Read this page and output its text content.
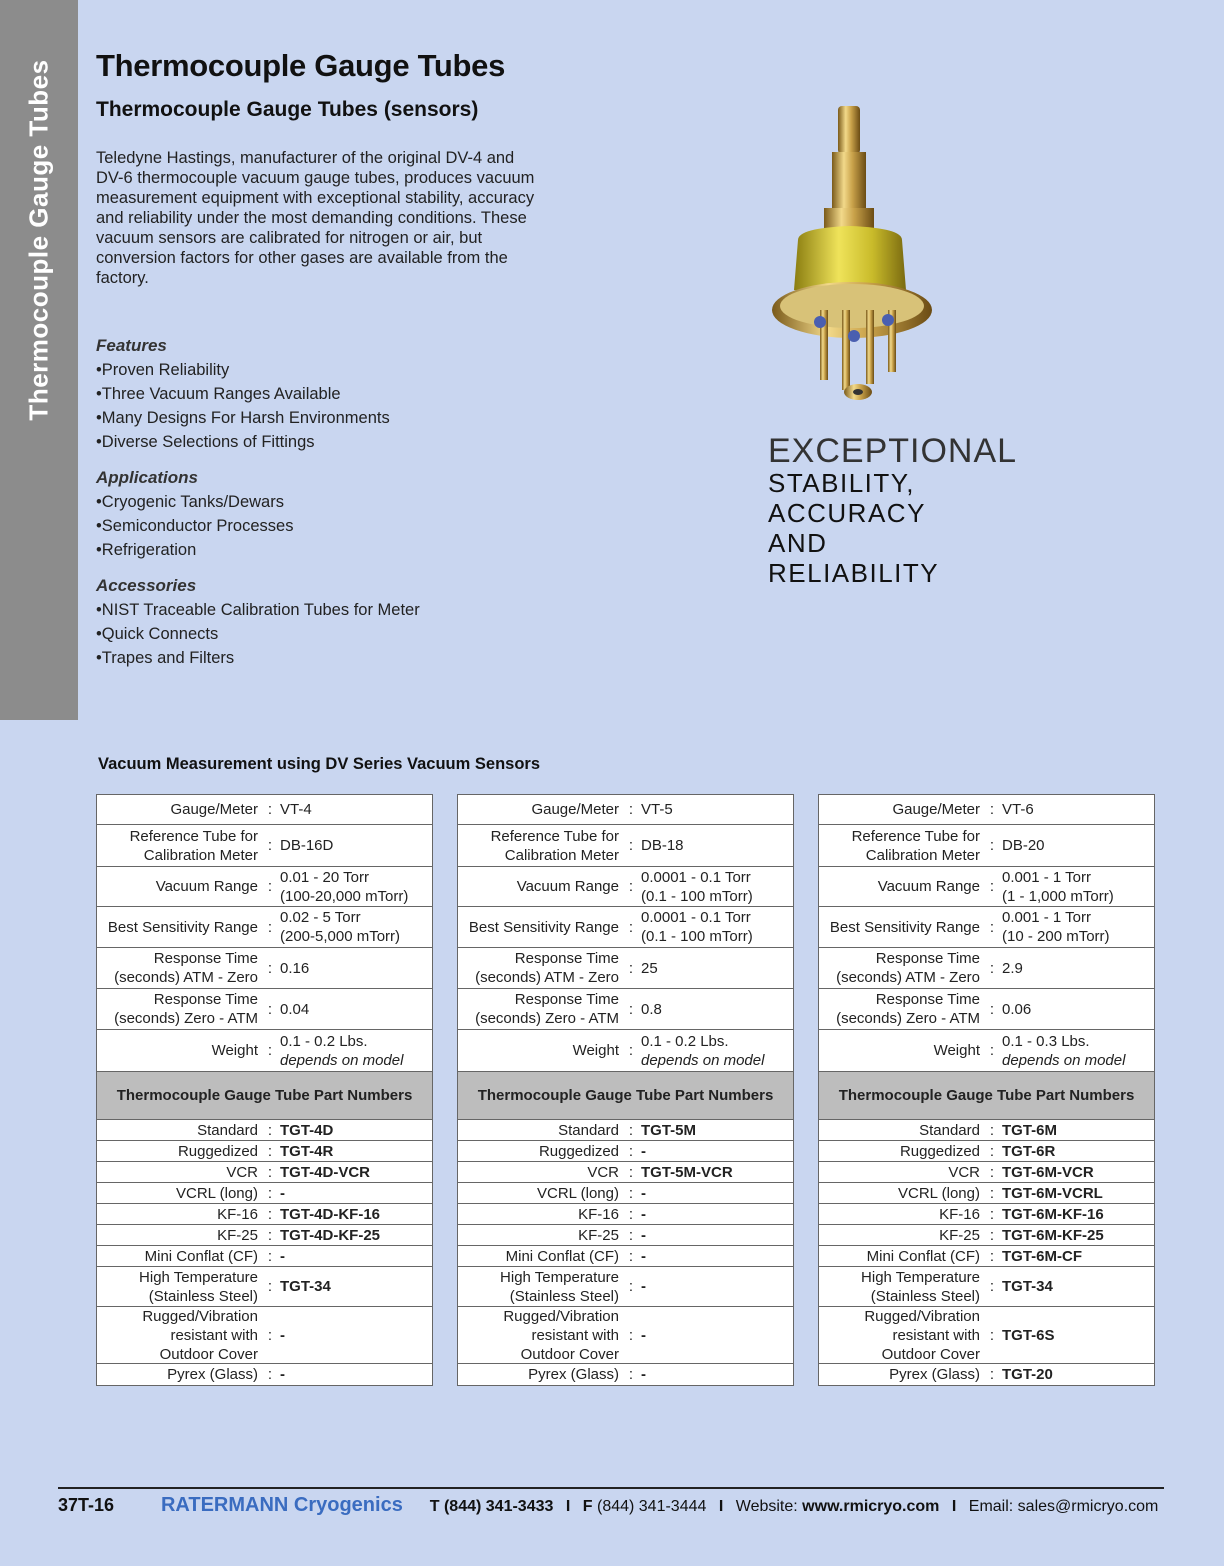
Thermocouple Gauge Tubes Thermocouple Gauge Tubes
Thermocouple Gauge Tubes (sensors)

Teledyne Hastings, manufacturer of the original DV-4 and DV-6 thermocouple vacuum gauge tubes, produces vacuum measurement equipment with exceptional stability, accuracy and reliability under the most demanding conditions. These vacuum sensors are calibrated for nitrogen or air, but conversion factors for other gases are available from the factory.

Features
• Proven Reliability
• Three Vacuum Ranges Available
• Many Designs For Harsh Environments
• Diverse Selections of Fittings
Applications
• Cryogenic Tanks/Dewars
• Semiconductor Processes
• Refrigeration
Accessories
• NIST Traceable Calibration Tubes for Meter
• Quick Connects
• Trapes and Filters
EXCEPTIONAL
STABILITY,
ACCURACY
AND
RELIABILITY
Vacuum Measurement using DV Series Vacuum Sensors
Gauge/Meter : VT-4
Reference Tube for
Calibration Meter
: DB-16D
Vacuum Range :
0.01 - 20 Torr
(100-20,000 mTorr)
Best Sensitivity Range :
0.02 - 5 Torr
(200-5,000 mTorr)
Response Time
(seconds) ATM - Zero
: 0.16
Response Time
(seconds) Zero - ATM
: 0.04
Weight :
0.1 - 0.2 Lbs.
depends on model
Thermocouple Gauge Tube Part Numbers
Standard : TGT-4D
Ruggedized : TGT-4R
VCR : TGT-4D-VCR
VCRL (long) : -
KF-16 : TGT-4D-KF-16
KF-25 : TGT-4D-KF-25
Mini Conflat (CF) : -
High Temperature
(Stainless Steel)
: TGT-34
Rugged/Vibration
resistant with
Outdoor Cover
: -
Pyrex (Glass) : -
Gauge/Meter : VT-5
Reference Tube for
Calibration Meter
: DB-18
Vacuum Range :
0.0001 - 0.1 Torr
(0.1 - 100 mTorr)
Best Sensitivity Range :
0.0001 - 0.1 Torr
(0.1 - 100 mTorr)
Response Time
(seconds) ATM - Zero
: 25
Response Time
(seconds) Zero - ATM
: 0.8
Weight :
0.1 - 0.2 Lbs.
depends on model
Thermocouple Gauge Tube Part Numbers
Standard : TGT-5M
Ruggedized : -
VCR : TGT-5M-VCR
VCRL (long) : -
KF-16 : -
KF-25 : -
Mini Conflat (CF) : -
High Temperature
(Stainless Steel)
: -
Rugged/Vibration
resistant with
Outdoor Cover
: -
Pyrex (Glass) : -
Gauge/Meter : VT-6
Reference Tube for
Calibration Meter
: DB-20
Vacuum Range :
0.001 - 1 Torr
(1 - 1,000 mTorr)
Best Sensitivity Range :
0.001 - 1 Torr
(10 - 200 mTorr)
Response Time
(seconds) ATM - Zero
: 2.9
Response Time
(seconds) Zero - ATM
: 0.06
Weight :
0.1 - 0.3 Lbs.
depends on model
Thermocouple Gauge Tube Part Numbers
Standard : TGT-6M
Ruggedized : TGT-6R
VCR : TGT-6M-VCR
VCRL (long) : TGT-6M-VCRL
KF-16 : TGT-6M-KF-16
KF-25 : TGT-6M-KF-25
Mini Conflat (CF) : TGT-6M-CF
High Temperature
(Stainless Steel)
: TGT-34
Rugged/Vibration
resistant with
Outdoor Cover
: TGT-6S
Pyrex (Glass) : TGT-20
37T-16 RATERMANN Cryogenics T (844) 341-3433 I F (844) 341-3444 I Website: www.rmicryo.com I Email: sales@rmicryo.com
